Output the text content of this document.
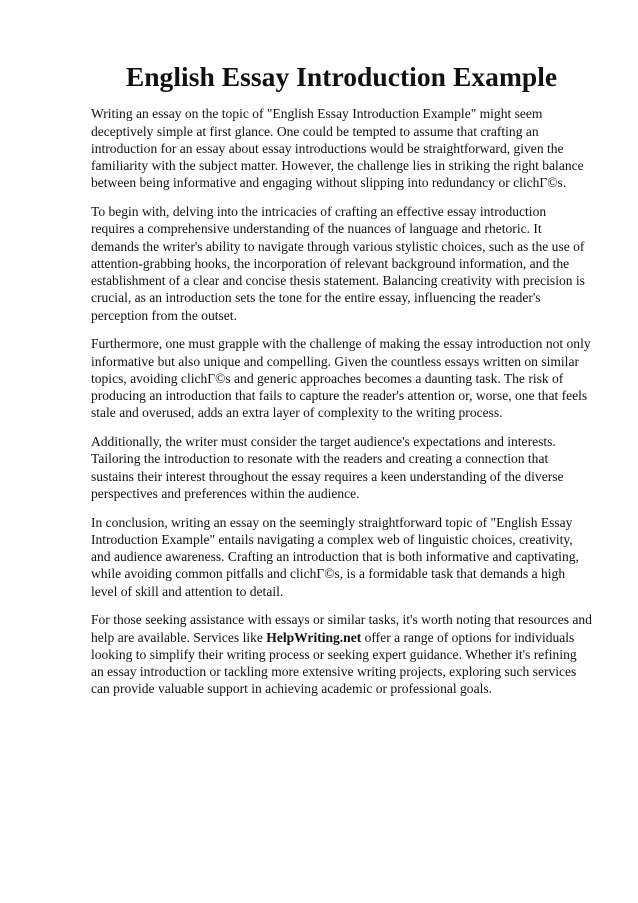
English Essay Introduction Example

Writing an essay on the topic of "English Essay Introduction Example" might seem deceptively simple at first glance. One could be tempted to assume that crafting an introduction for an essay about essay introductions would be straightforward, given the familiarity with the subject matter. However, the challenge lies in striking the right balance between being informative and engaging without slipping into redundancy or clichГ©s.

To begin with, delving into the intricacies of crafting an effective essay introduction requires a comprehensive understanding of the nuances of language and rhetoric. It demands the writer's ability to navigate through various stylistic choices, such as the use of attention-grabbing hooks, the incorporation of relevant background information, and the establishment of a clear and concise thesis statement. Balancing creativity with precision is crucial, as an introduction sets the tone for the entire essay, influencing the reader's perception from the outset.

Furthermore, one must grapple with the challenge of making the essay introduction not only informative but also unique and compelling. Given the countless essays written on similar topics, avoiding clichГ©s and generic approaches becomes a daunting task. The risk of producing an introduction that fails to capture the reader's attention or, worse, one that feels stale and overused, adds an extra layer of complexity to the writing process.

Additionally, the writer must consider the target audience's expectations and interests. Tailoring the introduction to resonate with the readers and creating a connection that sustains their interest throughout the essay requires a keen understanding of the diverse perspectives and preferences within the audience.

In conclusion, writing an essay on the seemingly straightforward topic of "English Essay Introduction Example" entails navigating a complex web of linguistic choices, creativity, and audience awareness. Crafting an introduction that is both informative and captivating, while avoiding common pitfalls and clichГ©s, is a formidable task that demands a high level of skill and attention to detail.

For those seeking assistance with essays or similar tasks, it's worth noting that resources and help are available. Services like HelpWriting.net offer a range of options for individuals looking to simplify their writing process or seeking expert guidance. Whether it's refining an essay introduction or tackling more extensive writing projects, exploring such services can provide valuable support in achieving academic or professional goals.
